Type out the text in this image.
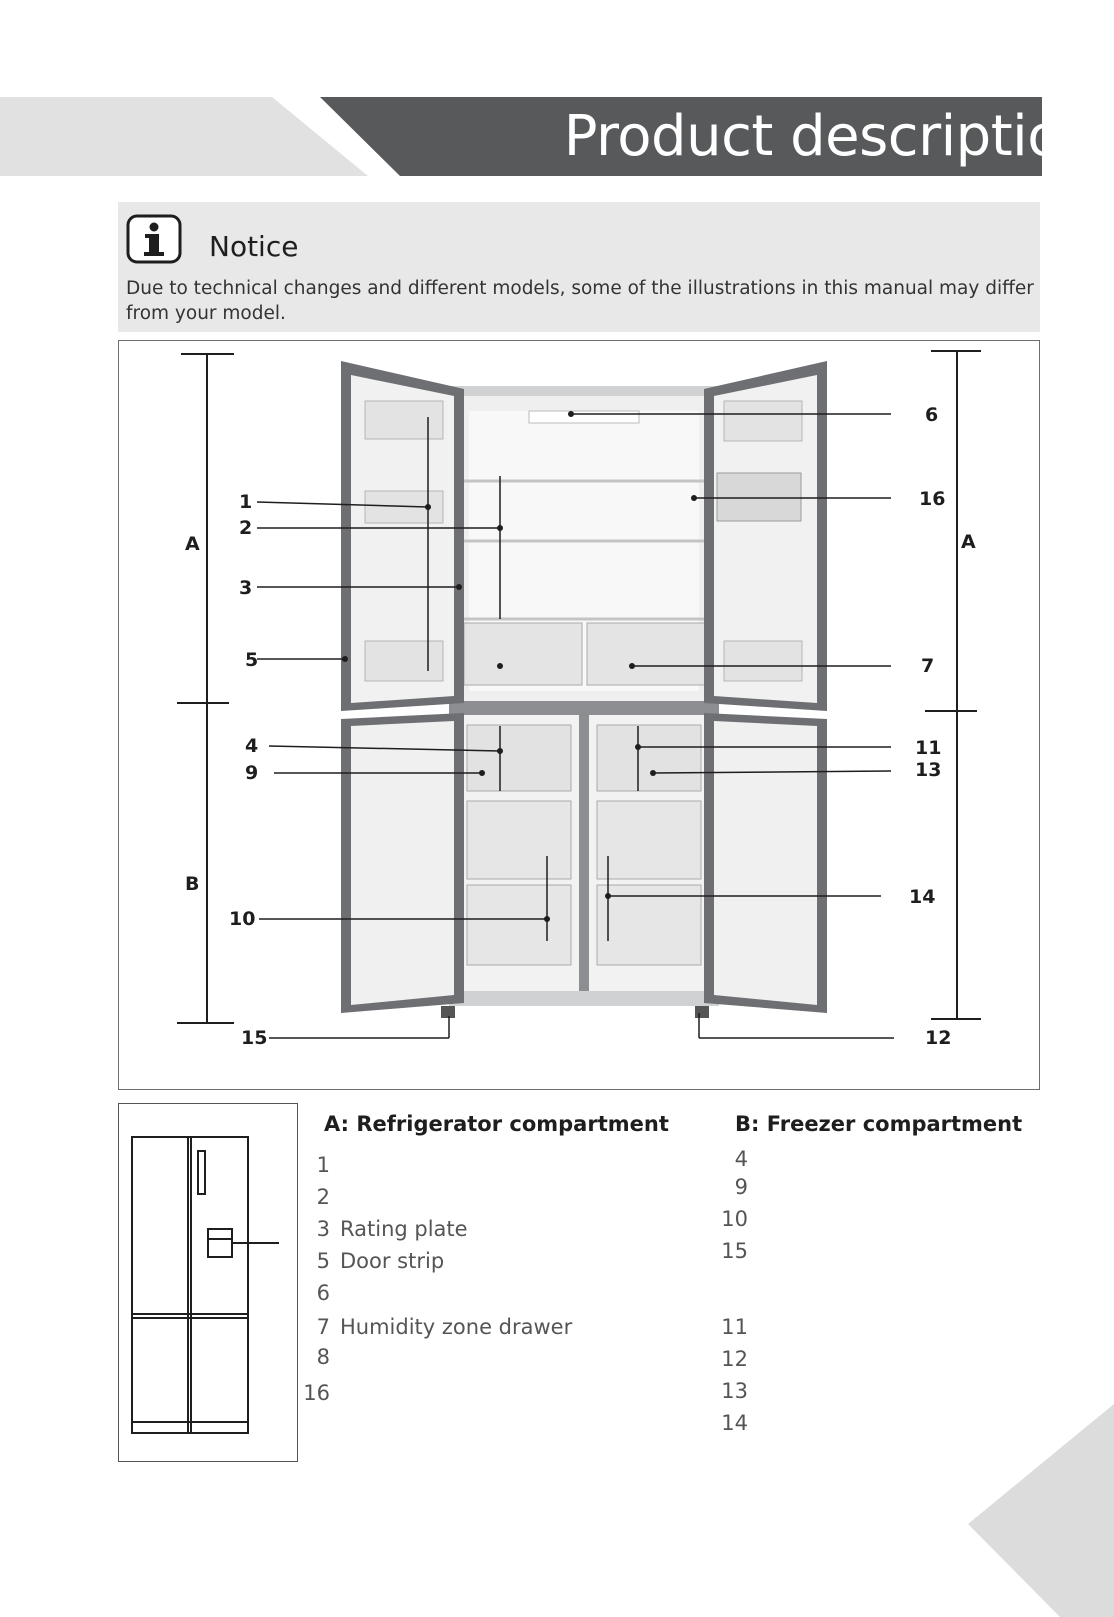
Product description
Notice
Due to technical changes and different models, some of the illustrations in this manual may differ from your model.
A
B
A
1
2
3
5
4
9
10
15
6
16
7
11
13
14
12
A: Refrigerator compartment	B: Freezer compartment
1
2
3 Rating plate
5 Door strip
6
7 Humidity zone drawer
8
16
4
9
10
15
11
12
13
14
